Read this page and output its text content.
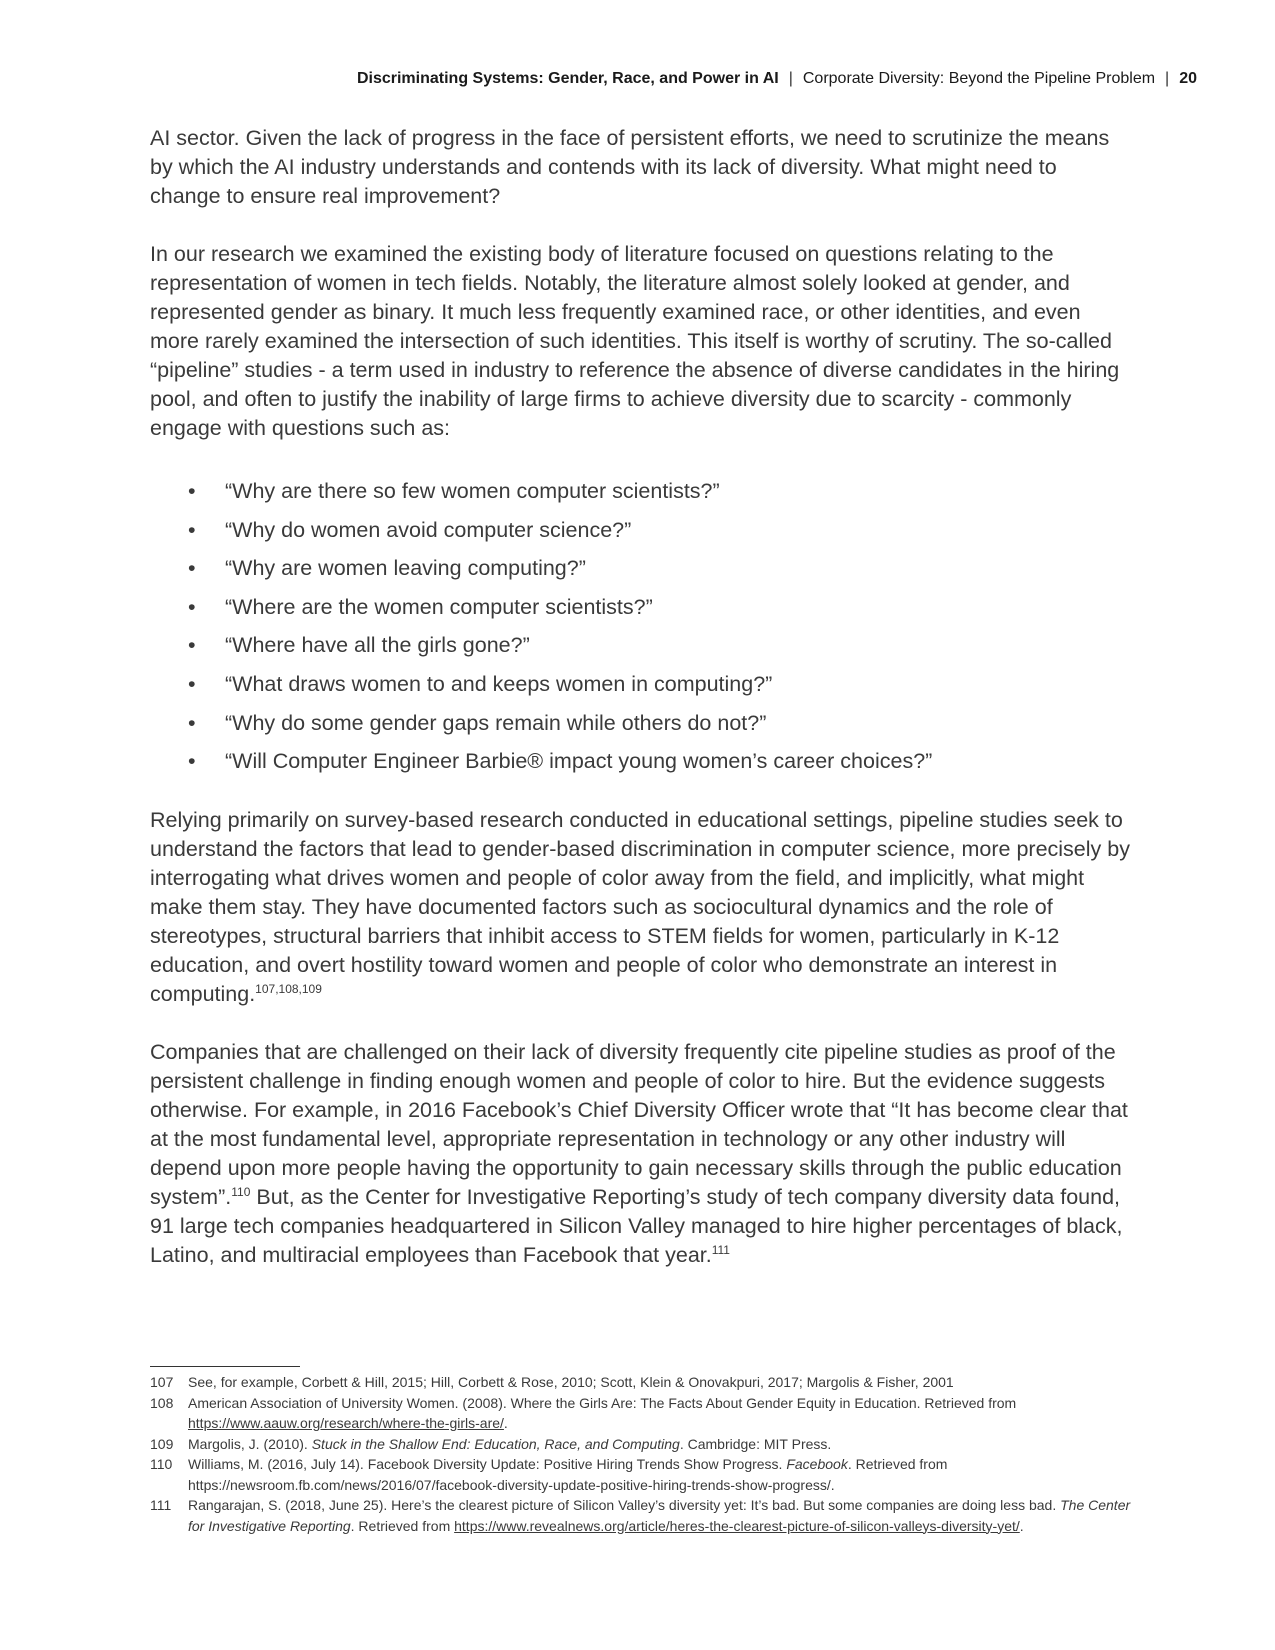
Discriminating Systems: Gender, Race, and Power in AI | Corporate Diversity: Beyond the Pipeline Problem | 20

AI sector. Given the lack of progress in the face of persistent efforts, we need to scrutinize the means by which the AI industry understands and contends with its lack of diversity. What might need to change to ensure real improvement?

In our research we examined the existing body of literature focused on questions relating to the representation of women in tech fields. Notably, the literature almost solely looked at gender, and represented gender as binary. It much less frequently examined race, or other identities, and even more rarely examined the intersection of such identities. This itself is worthy of scrutiny. The so-called “pipeline” studies - a term used in industry to reference the absence of diverse candidates in the hiring pool, and often to justify the inability of large firms to achieve diversity due to scarcity - commonly engage with questions such as:

• “Why are there so few women computer scientists?”
• “Why do women avoid computer science?”
• “Why are women leaving computing?”
• “Where are the women computer scientists?”
• “Where have all the girls gone?”
• “What draws women to and keeps women in computing?”
• “Why do some gender gaps remain while others do not?”
• “Will Computer Engineer Barbie® impact young women’s career choices?”

Relying primarily on survey-based research conducted in educational settings, pipeline studies seek to understand the factors that lead to gender-based discrimination in computer science, more precisely by interrogating what drives women and people of color away from the field, and implicitly, what might make them stay. They have documented factors such as sociocultural dynamics and the role of stereotypes, structural barriers that inhibit access to STEM fields for women, particularly in K-12 education, and overt hostility toward women and people of color who demonstrate an interest in computing.$^{107,108,109}$

Companies that are challenged on their lack of diversity frequently cite pipeline studies as proof of the persistent challenge in finding enough women and people of color to hire. But the evidence suggests otherwise. For example, in 2016 Facebook’s Chief Diversity Officer wrote that “It has become clear that at the most fundamental level, appropriate representation in technology or any other industry will depend upon more people having the opportunity to gain necessary skills through the public education system”.$^{110}$ But, as the Center for Investigative Reporting’s study of tech company diversity data found, 91 large tech companies headquartered in Silicon Valley managed to hire higher percentages of black, Latino, and multiracial employees than Facebook that year.$^{111}$

107	See, for example, Corbett & Hill, 2015; Hill, Corbett & Rose, 2010; Scott, Klein & Onovakpuri, 2017; Margolis & Fisher, 2001
108	American Association of University Women. (2008). Where the Girls Are: The Facts About Gender Equity in Education. Retrieved from https://www.aauw.org/research/where-the-girls-are/.
109	Margolis, J. (2010). Stuck in the Shallow End: Education, Race, and Computing. Cambridge: MIT Press.
110	Williams, M. (2016, July 14). Facebook Diversity Update: Positive Hiring Trends Show Progress. Facebook. Retrieved from https://newsroom.fb.com/news/2016/07/facebook-diversity-update-positive-hiring-trends-show-progress/.
111	Rangarajan, S. (2018, June 25). Here’s the clearest picture of Silicon Valley’s diversity yet: It’s bad. But some companies are doing less bad. The Center for Investigative Reporting. Retrieved from https://www.revealnews.org/article/heres-the-clearest-picture-of-silicon-valleys-diversity-yet/.
